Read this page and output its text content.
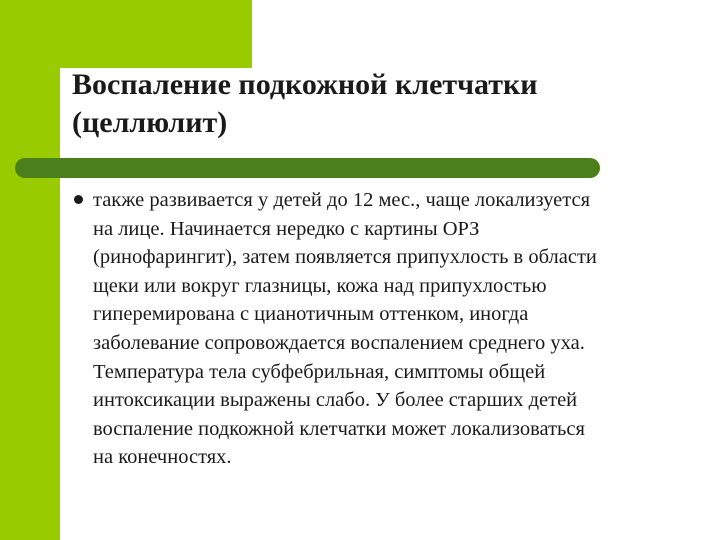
Воспаление подкожной клетчатки
(целлюлит)
также развивается у детей до 12 мес., чаще локализуется
на лице. Начинается нередко с картины ОРЗ
(ринофарингит), затем появляется припухлость в области
щеки или вокруг глазницы, кожа над припухлостью
гиперемирована с цианотичным оттенком, иногда
заболевание сопровождается воспалением среднего уха.
Температура тела субфебрильная, симптомы общей
интоксикации выражены слабо. У более старших детей
воспаление подкожной клетчатки может локализоваться
на конечностях.
